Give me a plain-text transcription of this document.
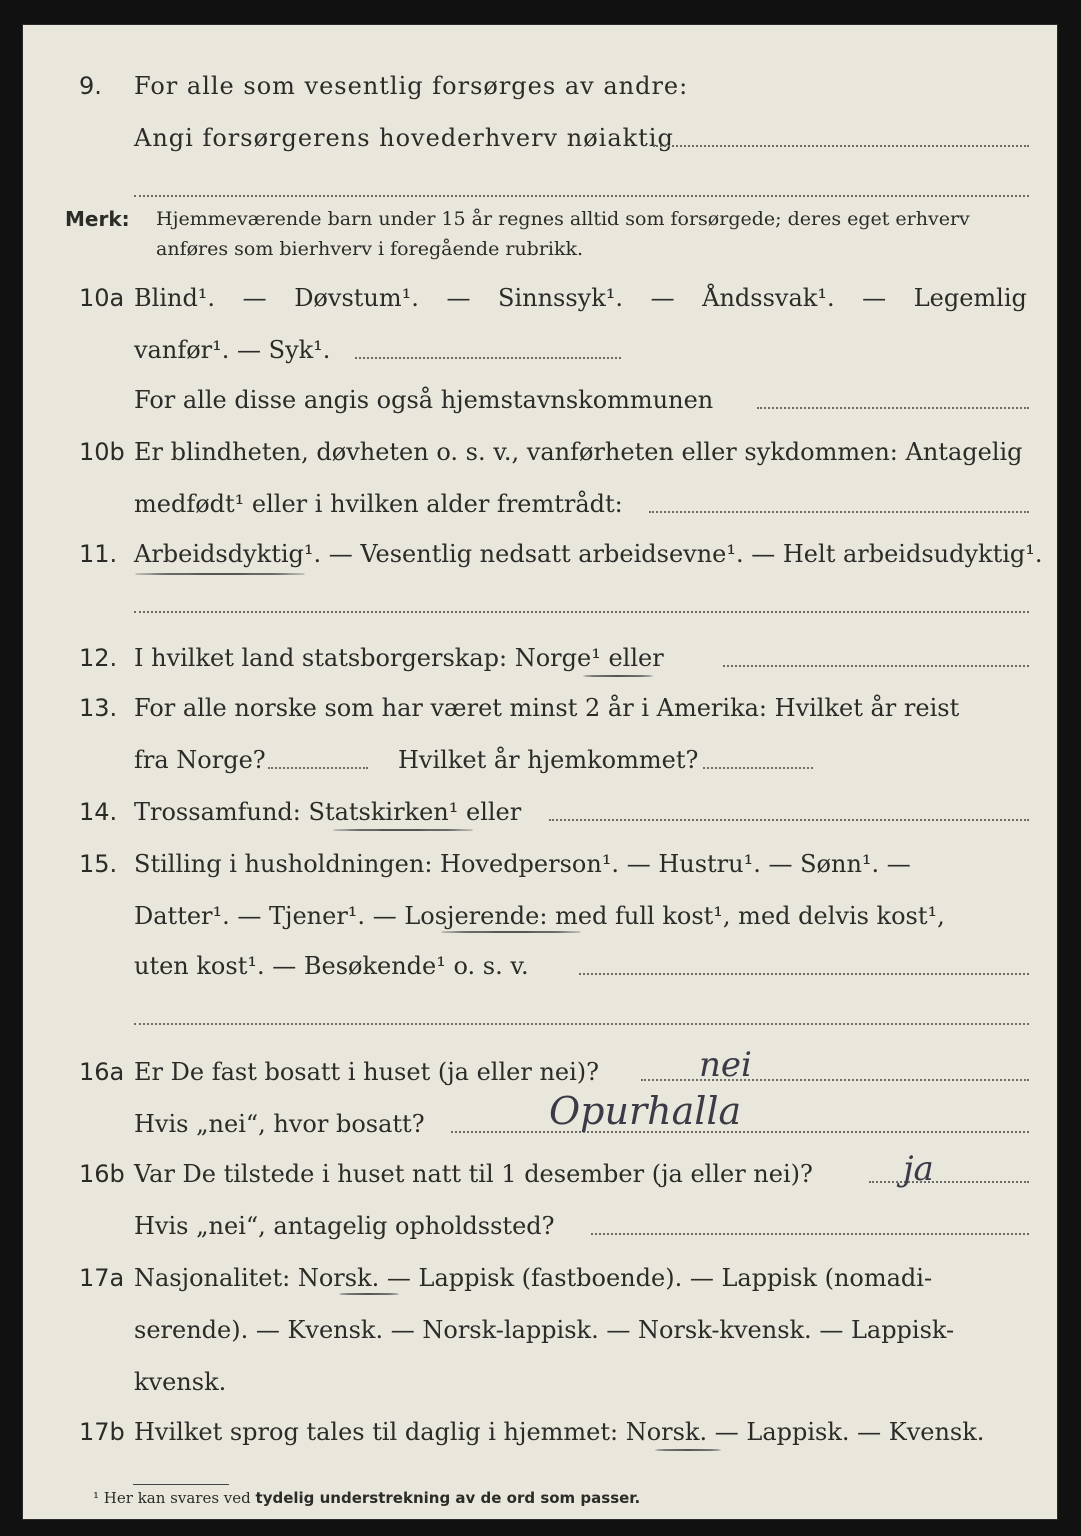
9. For alle som vesentlig forsørges av andre:
Angi forsørgerens hovederhverv nøiaktig
Merk: Hjemmeværende barn under 15 år regnes alltid som forsørgede; deres eget erhverv
anføres som bierhverv i foregående rubrikk.
10a Blind¹. — Døvstum¹. — Sinnssyk¹. — Åndssvak¹. — Legemlig
vanfør¹. — Syk¹.
For alle disse angis også hjemstavnskommunen
10b Er blindheten, døvheten o. s. v., vanførheten eller sykdommen: Antagelig
medfødt¹ eller i hvilken alder fremtrådt:
11. Arbeidsdyktig¹. — Vesentlig nedsatt arbeidsevne¹. — Helt arbeidsudyktig¹.
12. I hvilket land statsborgerskap: Norge¹ eller
13. For alle norske som har været minst 2 år i Amerika: Hvilket år reist
fra Norge?	Hvilket år hjemkommet?
14. Trossamfund: Statskirken¹ eller
15. Stilling i husholdningen: Hovedperson¹. — Hustru¹. — Sønn¹. —
Datter¹. — Tjener¹. — Losjerende: med full kost¹, med delvis kost¹,
uten kost¹. — Besøkende¹ o. s. v.
16a Er De fast bosatt i huset (ja eller nei)?	nei
Hvis „nei“, hvor bosatt?	Opurhalla
16b Var De tilstede i huset natt til 1 desember (ja eller nei)?	ja
Hvis „nei“, antagelig opholdssted?
17a Nasjonalitet: Norsk. — Lappisk (fastboende). — Lappisk (nomadi-
serende). — Kvensk. — Norsk-lappisk. — Norsk-kvensk. — Lappisk-
kvensk.
17b Hvilket sprog tales til daglig i hjemmet: Norsk. — Lappisk. — Kvensk.
¹ Her kan svares ved tydelig understrekning av de ord som passer.
